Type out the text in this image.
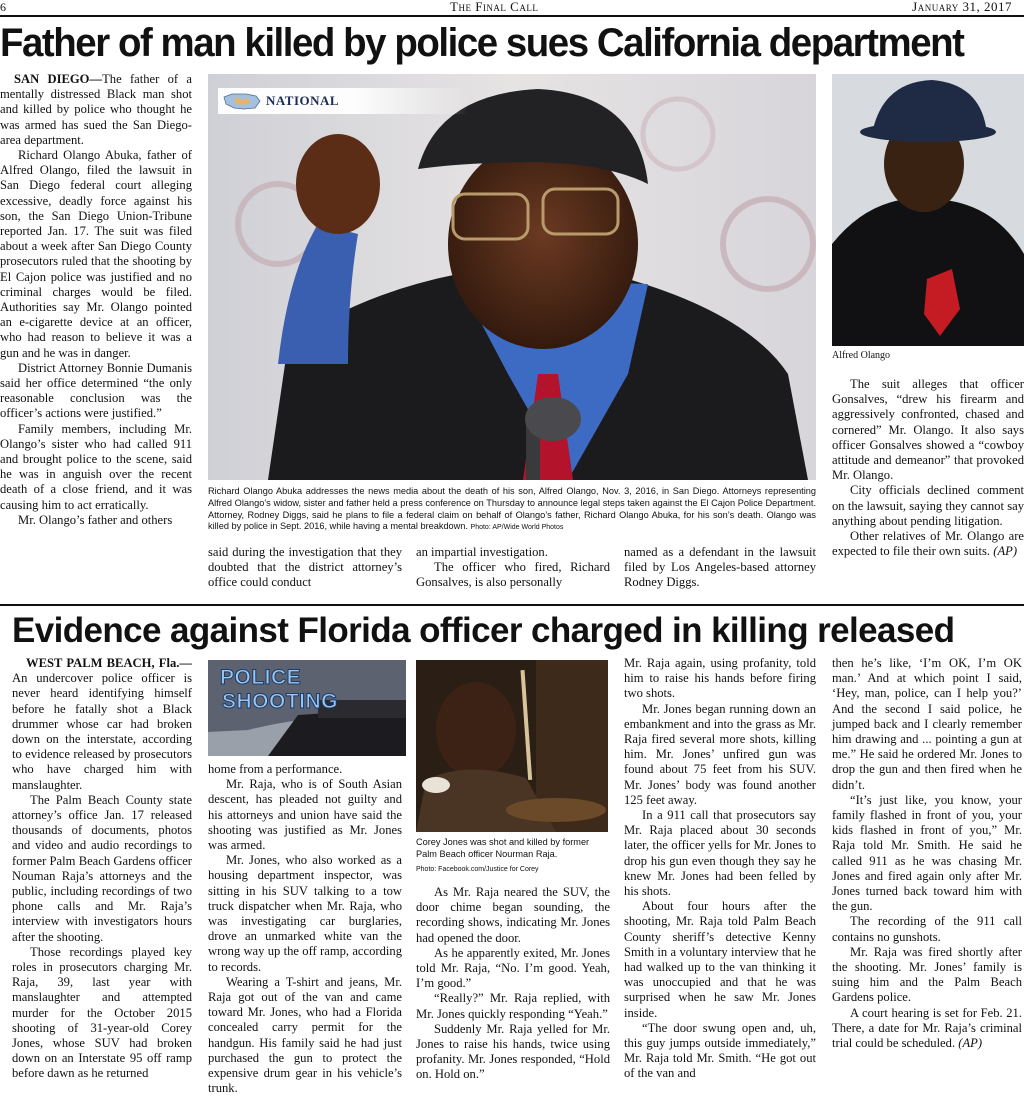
6	The Final Call	January 31, 2017
Father of man killed by police sues California department

SAN DIEGO—The father of a mentally distressed Black man shot and killed by police who thought he was armed has sued the San Diego-area department.

Richard Olango Abuka, father of Alfred Olango, filed the lawsuit in San Diego federal court alleging excessive, deadly force against his son, the San Diego Union-Tribune reported Jan. 17. The suit was filed about a week after San Diego County prosecutors ruled that the shooting by El Cajon police was justified and no criminal charges would be filed. Authorities say Mr. Olango pointed an e-cigarette device at an officer, who had reason to believe it was a gun and he was in danger.

District Attorney Bonnie Dumanis said her office determined “the only reasonable conclusion was the officer’s actions were justified.”

Family members, including Mr. Olango’s sister who had called 911 and brought police to the scene, said he was in anguish over the recent death of a close friend, and it was causing him to act erratically.

Mr. Olango’s father and others

NATIONAL
Richard Olango Abuka addresses the news media about the death of his son, Alfred Olango, Nov. 3, 2016, in San Diego. Attorneys representing Alfred Olango’s widow, sister and father held a press conference on Thursday to announce legal steps taken against the El Cajon Police Department. Attorney, Rodney Diggs, said he plans to file a federal claim on behalf of Olango’s father, Richard Olango Abuka, for his son’s death. Olango was killed by police in Sept. 2016, while having a mental breakdown. Photo: AP/Wide World Photos

said during the investigation that they doubted that the district attorney’s office could conduct

an impartial investigation.

The officer who fired, Richard Gonsalves, is also personally

named as a defendant in the lawsuit filed by Los Angeles-based attorney Rodney Diggs.

Alfred Olango

The suit alleges that officer Gonsalves, “drew his firearm and aggressively confronted, chased and cornered” Mr. Olango. It also says officer Gonsalves showed a “cowboy attitude and demeanor” that provoked Mr. Olango.

City officials declined comment on the lawsuit, saying they cannot say anything about pending litigation.

Other relatives of Mr. Olango are expected to file their own suits. (AP)

Evidence against Florida officer charged in killing released

WEST PALM BEACH, Fla.—An undercover police officer is never heard identifying himself before he fatally shot a Black drummer whose car had broken down on the interstate, according to evidence released by prosecutors who have charged him with manslaughter.

The Palm Beach County state attorney’s office Jan. 17 released thousands of documents, photos and video and audio recordings to former Palm Beach Gardens officer Nouman Raja’s attorneys and the public, including recordings of two phone calls and Mr. Raja’s interview with investigators hours after the shooting.

Those recordings played key roles in prosecutors charging Mr. Raja, 39, last year with manslaughter and attempted murder for the October 2015 shooting of 31-year-old Corey Jones, whose SUV had broken down on an Interstate 95 off ramp before dawn as he returned

POLICE
SHOOTING

home from a performance.

Mr. Raja, who is of South Asian descent, has pleaded not guilty and his attorneys and union have said the shooting was justified as Mr. Jones was armed.

Mr. Jones, who also worked as a housing department inspector, was sitting in his SUV talking to a tow truck dispatcher when Mr. Raja, who was investigating car burglaries, drove an unmarked white van the wrong way up the off ramp, according to records.

Wearing a T-shirt and jeans, Mr. Raja got out of the van and came toward Mr. Jones, who had a Florida concealed carry permit for the handgun. His family said he had just purchased the gun to protect the expensive drum gear in his vehicle’s trunk.

Corey Jones was shot and killed by former Palm Beach officer Nourman Raja.
Photo: Facebook.com/Justice for Corey

As Mr. Raja neared the SUV, the door chime began sounding, the recording shows, indicating Mr. Jones had opened the door.

As he apparently exited, Mr. Jones told Mr. Raja, “No. I’m good. Yeah, I’m good.”

“Really?” Mr. Raja replied, with Mr. Jones quickly responding “Yeah.”

Suddenly Mr. Raja yelled for Mr. Jones to raise his hands, twice using profanity. Mr. Jones responded, “Hold on. Hold on.”

Mr. Raja again, using profanity, told him to raise his hands before firing two shots.

Mr. Jones began running down an embankment and into the grass as Mr. Raja fired several more shots, killing him. Mr. Jones’ unfired gun was found about 75 feet from his SUV. Mr. Jones’ body was found another 125 feet away.

In a 911 call that prosecutors say Mr. Raja placed about 30 seconds later, the officer yells for Mr. Jones to drop his gun even though they say he knew Mr. Jones had been felled by his shots.

About four hours after the shooting, Mr. Raja told Palm Beach County sheriff’s detective Kenny Smith in a voluntary interview that he had walked up to the van thinking it was unoccupied and that he was surprised when he saw Mr. Jones inside.

“The door swung open and, uh, this guy jumps outside immediately,” Mr. Raja told Mr. Smith. “He got out of the van and

then he’s like, ‘I’m OK, I’m OK man.’ And at which point I said, ‘Hey, man, police, can I help you?’ And the second I said police, he jumped back and I clearly remember him drawing and ... pointing a gun at me.” He said he ordered Mr. Jones to drop the gun and then fired when he didn’t.

“It’s just like, you know, your family flashed in front of you, your kids flashed in front of you,” Mr. Raja told Mr. Smith. He said he called 911 as he was chasing Mr. Jones and fired again only after Mr. Jones turned back toward him with the gun.

The recording of the 911 call contains no gunshots.

Mr. Raja was fired shortly after the shooting. Mr. Jones’ family is suing him and the Palm Beach Gardens police.

A court hearing is set for Feb. 21. There, a date for Mr. Raja’s criminal trial could be scheduled. (AP)
